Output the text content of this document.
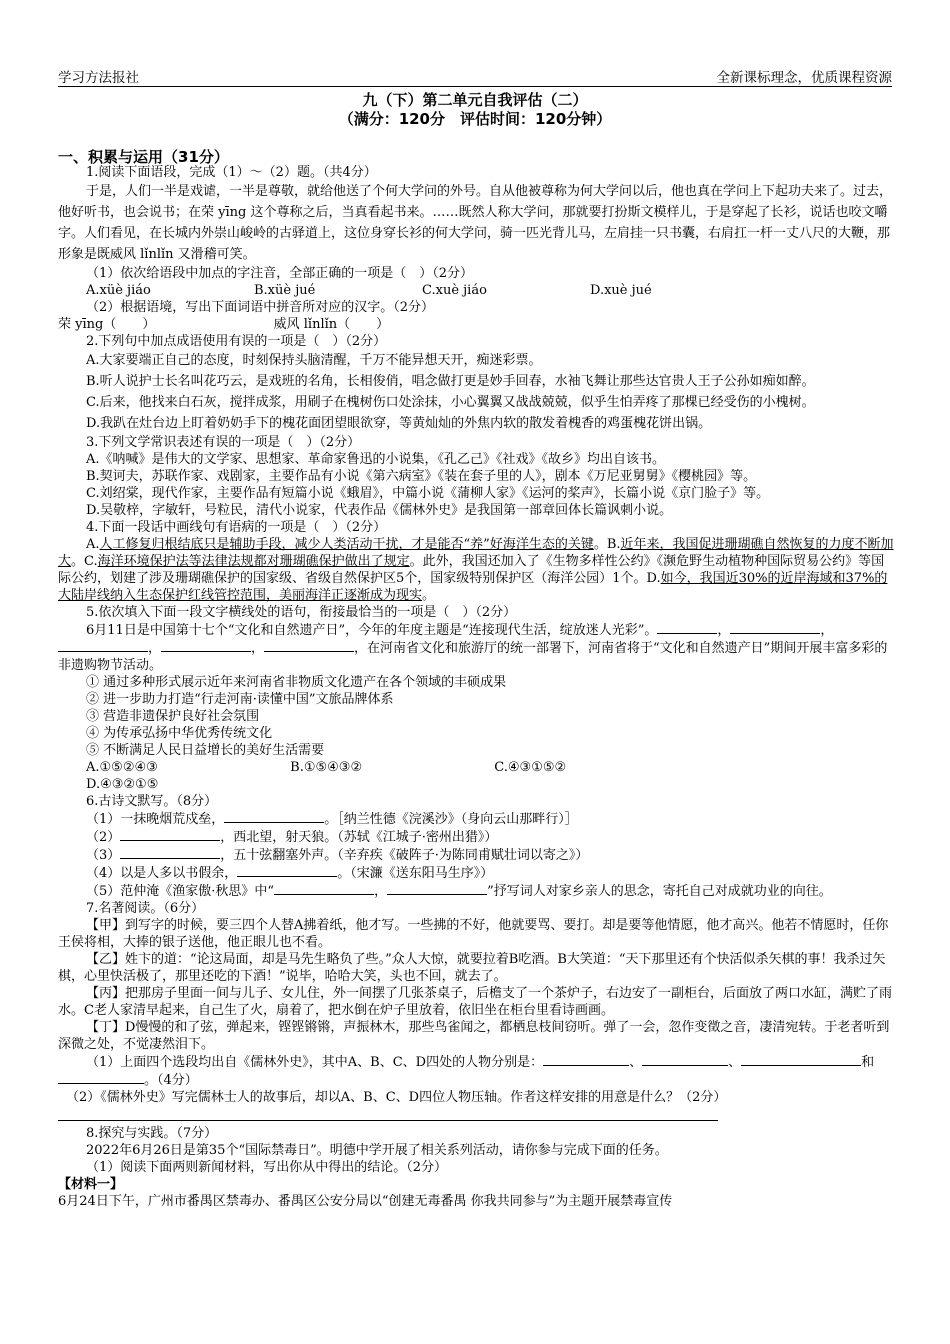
学习方法报社	全新课标理念，优质课程资源
九（下）第二单元自我评估（二）
（满分：120分　评估时间：120分钟）
一、积累与运用（31分）

1.阅读下面语段，完成（1）～（2）题。（共4分）

于是，人们一半是戏谑，一半是尊敬，就给他送了个何大学问的外号。自从他被尊称为何大学问以后，他也真在学问上下起功夫来了。过去，他好听书，也会说书；在荣 yīng 这个尊称之后，当真看起书来。……既然人称大学问，那就要打扮斯文模样儿，于是穿起了长衫，说话也咬文嚼字。人们看见，在长城内外崇山峻岭的古驿道上，这位身穿长衫的何大学问，骑一匹光背儿马，左肩挂一只书囊，右肩扛一杆一丈八尺的大鞭，那形象是既威风 lǐnlǐn 又滑稽可笑。

（1）依次给语段中加点的字注音，全部正确的一项是（　）（2分）

A.xüè jiáo	B.xüè jué	C.xuè jiáo	D.xuè jué

（2）根据语境，写出下面词语中拼音所对应的汉字。（2分）

荣 yīng（　　）	威风 lǐnlǐn（　　）

2.下列句中加点成语使用有误的一项是（　）（2分）

A.大家要端正自己的态度，时刻保持头脑清醒，千万不能异想天开，痴迷彩票。

B.听人说护士长名叫花巧云，是戏班的名角，长相俊俏，唱念做打更是妙手回春，水袖飞舞让那些达官贵人王子公孙如痴如醉。

C.后来，他找来白石灰，搅拌成浆，用刷子在槐树伤口处涂抹，小心翼翼又战战兢兢，似乎生怕弄疼了那棵已经受伤的小槐树。

D.我趴在灶台边上盯着奶奶手下的槐花面团望眼欲穿，等黄灿灿的外焦内软的散发着槐香的鸡蛋槐花饼出锅。

3.下列文学常识表述有误的一项是（　）（2分）

A.《呐喊》是伟大的文学家、思想家、革命家鲁迅的小说集，《孔乙己》《社戏》《故乡》均出自该书。

B.契诃夫，苏联作家、戏剧家，主要作品有小说《第六病室》《装在套子里的人》，剧本《万尼亚舅舅》《樱桃园》等。

C.刘绍棠，现代作家，主要作品有短篇小说《蛾眉》，中篇小说《蒲柳人家》《运河的桨声》，长篇小说《京门脸子》等。

D.吴敬梓，字敏轩，号粒民，清代小说家，代表作品《儒林外史》是我国第一部章回体长篇讽刺小说。

4.下面一段话中画线句有语病的一项是（　）（2分）

A.人工修复归根结底只是辅助手段，减少人类活动干扰，才是能否“养”好海洋生态的关键。B.近年来，我国促进珊瑚礁自然恢复的力度不断加大。C.海洋环境保护法等法律法规都对珊瑚礁保护做出了规定。此外，我国还加入了《生物多样性公约》《濒危野生动植物种国际贸易公约》等国际公约，划建了涉及珊瑚礁保护的国家级、省级自然保护区5个，国家级特别保护区（海洋公园）1个。D.如今，我国近30%的近岸海域和37%的大陆岸线纳入生态保护红线管控范围，美丽海洋正逐渐成为现实。

5.依次填入下面一段文字横线处的语句，衔接最恰当的一项是（　）（2分）

6月11日是中国第十七个“文化和自然遗产日”，今年的年度主题是“连接现代生活，绽放迷人光彩”。	，	，，	，	，在河南省文化和旅游厅的统一部署下，河南省将于“文化和自然遗产日”期间开展丰富多彩的非遗购物节活动。

① 通过多种形式展示近年来河南省非物质文化遗产在各个领域的丰硕成果

② 进一步助力打造“行走河南·读懂中国”文旅品牌体系

③ 营造非遗保护良好社会氛围

④ 为传承弘扬中华优秀传统文化

⑤ 不断满足人民日益增长的美好生活需要

A.①⑤②④③	B.①⑤④③②	C.④③①⑤② D.④③②①⑤

6.古诗文默写。（8分）

（1）一抹晚烟荒戍垒，	。［纳兰性德《浣溪沙》（身向云山那畔行）］

（2）	，西北望，射天狼。（苏轼《江城子·密州出猎》）

（3）	，五十弦翻塞外声。（辛弃疾《破阵子·为陈同甫赋壮词以寄之》）

（4）以是人多以书假余，	。（宋濂《送东阳马生序》）

（5）范仲淹《渔家傲·秋思》中“	，	”抒写词人对家乡亲人的思念，寄托自己对成就功业的向往。

7.名著阅读。（6分）

【甲】到写字的时候，要三四个人替A拂着纸，他才写。一些拂的不好，他就要骂、要打。却是要等他情愿，他才高兴。他若不情愿时，任你王侯将相，大捧的银子送他，他正眼儿也不看。

【乙】姓卞的道：“论这局面，却是马先生略负了些。”众人大惊，就要拉着B吃酒。B大笑道：“天下那里还有个快活似杀矢棋的事！我杀过矢棋，心里快活极了，那里还吃的下酒！”说毕，哈哈大笑，头也不回，就去了。

【丙】把那房子里面一间与儿子、女儿住，外一间摆了几张茶桌子，后檐支了一个茶炉子，右边安了一副柜台，后面放了两口水缸，满贮了雨水。C老人家清早起来，自己生了火，扇着了，把水倒在炉子里放着，依旧坐在柜台里看诗画画。

【丁】D慢慢的和了弦，弹起来，铿铿锵锵，声振林木，那些鸟雀闻之，都栖息枝间窃听。弹了一会，忽作变徵之音，凄清宛转。于老者听到深微之处，不觉凄然泪下。

（1）上面四个选段均出自《儒林外史》，其中A、B、C、D四处的人物分别是：	、	、	和。（4分）

（2）《儒林外史》写完儒林士人的故事后，却以A、B、C、D四位人物压轴。作者这样安排的用意是什么？（2分）

8.探究与实践。（7分）

2022年6月26日是第35个“国际禁毒日”。明德中学开展了相关系列活动，请你参与完成下面的任务。

（1）阅读下面两则新闻材料，写出你从中得出的结论。（2分）

【材料一】

6月24日下午，广州市番禺区禁毒办、番禺区公安分局以“创建无毒番禺 你我共同参与”为主题开展禁毒宣传
